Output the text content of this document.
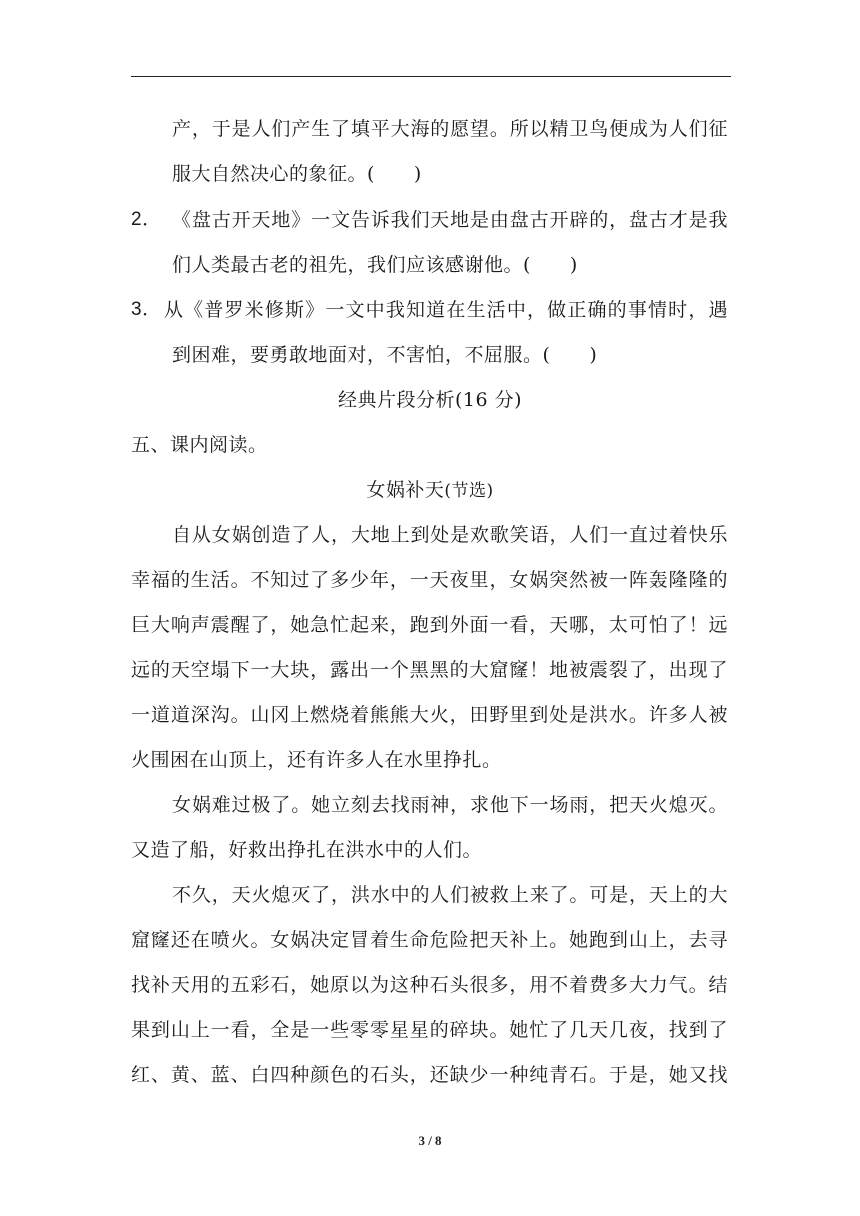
产，于是人们产生了填平大海的愿望。所以精卫鸟便成为人们征
服大自然决心的象征。(　　)
2． 《盘古开天地》一文告诉我们天地是由盘古开辟的，盘古才是我
们人类最古老的祖先，我们应该感谢他。(　　)
3． 从《普罗米修斯》一文中我知道在生活中，做正确的事情时，遇
到困难，要勇敢地面对，不害怕，不屈服。(　　)
经典片段分析(16 分)
五、课内阅读。
女娲补天(节选)
自从女娲创造了人，大地上到处是欢歌笑语，人们一直过着快乐
幸福的生活。不知过了多少年，一天夜里，女娲突然被一阵轰隆隆的
巨大响声震醒了，她急忙起来，跑到外面一看，天哪，太可怕了！远
远的天空塌下一大块，露出一个黑黑的大窟窿！地被震裂了，出现了
一道道深沟。山冈上燃烧着熊熊大火，田野里到处是洪水。许多人被
火围困在山顶上，还有许多人在水里挣扎。
女娲难过极了。她立刻去找雨神，求他下一场雨，把天火熄灭。
又造了船，好救出挣扎在洪水中的人们。
不久，天火熄灭了，洪水中的人们被救上来了。可是，天上的大
窟窿还在喷火。女娲决定冒着生命危险把天补上。她跑到山上，去寻
找补天用的五彩石，她原以为这种石头很多，用不着费多大力气。结
果到山上一看，全是一些零零星星的碎块。她忙了几天几夜，找到了
红、黄、蓝、白四种颜色的石头，还缺少一种纯青石。于是，她又找
3 / 8
